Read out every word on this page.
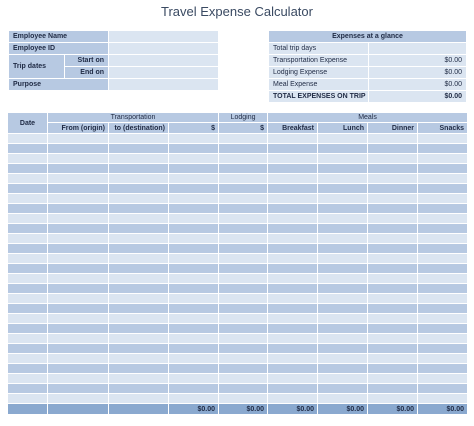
Travel Expense Calculator
Employee Name		
Employee ID		
Trip dates	Start on	
	End on	
Purpose		
Expenses at a glance	
Total trip days	
Transportation Expense	$0.00
Lodging Expense	$0.00
Meal Expense	$0.00
TOTAL EXPENSES ON TRIP	$0.00
Date	Transportation			Lodging	Meals			
	From (origin)	to (destination)	$	$	Breakfast	Lunch	Dinner	Snacks

			$0.00	$0.00	$0.00	$0.00	$0.00	$0.00
